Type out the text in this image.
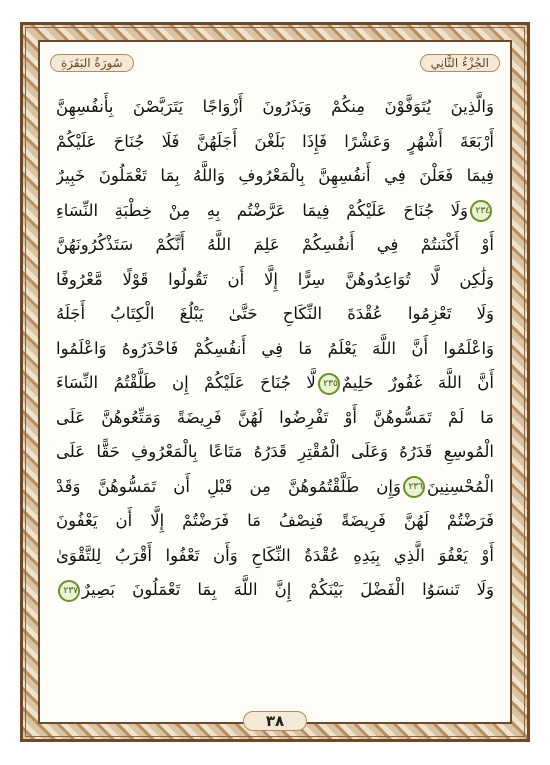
الجُزْءُ الثَّانِي
سُورَةُ البَقَرَةِ
وَالَّذِينَ يُتَوَفَّوْنَ مِنكُمْ وَيَذَرُونَ أَزْوَاجًا يَتَرَبَّصْنَ بِأَنفُسِهِنَّ
أَرْبَعَةَ أَشْهُرٍ وَعَشْرًا فَإِذَا بَلَغْنَ أَجَلَهُنَّ فَلَا جُنَاحَ عَلَيْكُمْ
فِيمَا فَعَلْنَ فِي أَنفُسِهِنَّ بِالْمَعْرُوفِ وَاللَّهُ بِمَا تَعْمَلُونَ خَبِيرٌ
٢٣٤وَلَا جُنَاحَ عَلَيْكُمْ فِيمَا عَرَّضْتُم بِهِ مِنْ خِطْبَةِ النِّسَاءِ
أَوْ أَكْنَنتُمْ فِي أَنفُسِكُمْ عَلِمَ اللَّهُ أَنَّكُمْ سَتَذْكُرُونَهُنَّ
وَلَٰكِن لَّا تُوَاعِدُوهُنَّ سِرًّا إِلَّا أَن تَقُولُوا قَوْلًا مَّعْرُوفًا
وَلَا تَعْزِمُوا عُقْدَةَ النِّكَاحِ حَتَّىٰ يَبْلُغَ الْكِتَابُ أَجَلَهُ
وَاعْلَمُوا أَنَّ اللَّهَ يَعْلَمُ مَا فِي أَنفُسِكُمْ فَاحْذَرُوهُ وَاعْلَمُوا
أَنَّ اللَّهَ غَفُورٌ حَلِيمٌ٢٣٥لَّا جُنَاحَ عَلَيْكُمْ إِن طَلَّقْتُمُ النِّسَاءَ
مَا لَمْ تَمَسُّوهُنَّ أَوْ تَفْرِضُوا لَهُنَّ فَرِيضَةً وَمَتِّعُوهُنَّ عَلَى
الْمُوسِعِ قَدَرُهُ وَعَلَى الْمُقْتِرِ قَدَرُهُ مَتَاعًا بِالْمَعْرُوفِ حَقًّا عَلَى
الْمُحْسِنِينَ٢٣٦وَإِن طَلَّقْتُمُوهُنَّ مِن قَبْلِ أَن تَمَسُّوهُنَّ وَقَدْ
فَرَضْتُمْ لَهُنَّ فَرِيضَةً فَنِصْفُ مَا فَرَضْتُمْ إِلَّا أَن يَعْفُونَ
أَوْ يَعْفُوَ الَّذِي بِيَدِهِ عُقْدَةُ النِّكَاحِ وَأَن تَعْفُوا أَقْرَبُ لِلتَّقْوَىٰ
وَلَا تَنسَوُا الْفَضْلَ بَيْنَكُمْ إِنَّ اللَّهَ بِمَا تَعْمَلُونَ بَصِيرٌ٢٣٧
٣٨
